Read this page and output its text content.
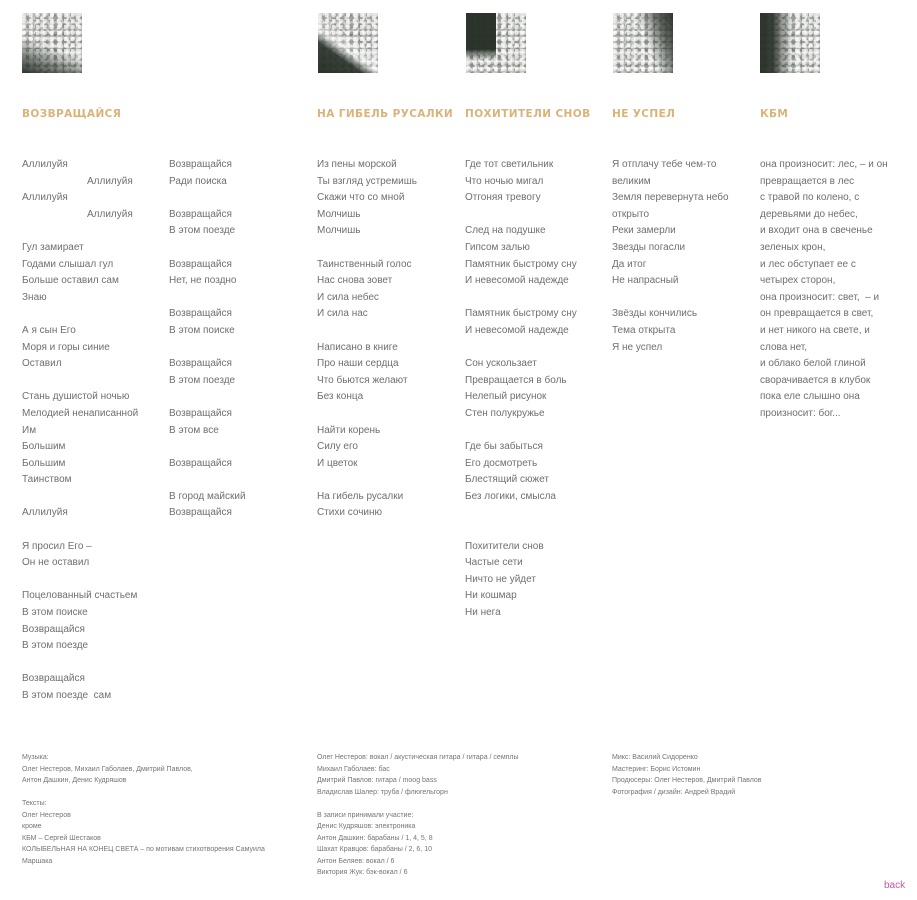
ВОЗВРАЩАЙСЯ	НА ГИБЕЛЬ РУСАЛКИ ПОХИТИТЕЛИ СНОВ НЕ УСПЕЛ	КБМ
Аллилуйя
Аллилуйя
Аллилуйя
Аллилуйя

Гул замирает
Годами слышал гул
Больше оставил сам
Знаю

А я сын Его
Моря и горы синие
Оставил

Стань душистой ночью
Мелодией ненаписанной
Им
Большим
Большим
Таинством

Аллилуйя

Я просил Его –
Он не оставил

Поцелованный счастьем
В этом поиске
Возвращайся
В этом поезде

Возвращайся
В этом поезде  сам
Возвращайся
Ради поиска

Возвращайся
В этом поезде

Возвращайся
Нет, не поздно

Возвращайся
В этом поиске

Возвращайся
В этом поезде

Возвращайся
В этом все

Возвращайся

В город майский
Возвращайся
Из пены морской
Ты взгляд устремишь
Скажи что со мной
Молчишь
Молчишь

Таинственный голос
Нас снова зовет
И сила небес
И сила нас

Написано в книге
Про наши сердца
Что бьются желают
Без конца

Найти корень
Силу его
И цветок

На гибель русалки
Стихи сочиню
Где тот светильник
Что ночью мигал
Отгоняя тревогу

След на подушке
Гипсом залью
Памятник быстрому сну
И невесомой надежде

Памятник быстрому сну
И невесомой надежде

Сон ускользает
Превращается в боль
Нелепый рисунок
Стен полукружье

Где бы забыться
Его досмотреть
Блестящий сюжет
Без логики, смысла

Похитители снов
Частые сети
Ничто не уйдет
Ни кошмар
Ни нега
Я отплачу тебе чем-то
великим
Земля перевернута небо
открыто
Реки замерли
Звезды погасли
Да итог
Не напрасный

Звёзды кончились
Тема открыта
Я не успел
она произносит: лес, – и он
превращается в лес
с травой по колено, с
деревьями до небес,
и входит она в свеченье
зеленых крон,
и лес обступает ее с
четырех сторон,
она произносит: свет,  – и
он превращается в свет,
и нет никого на свете, и
слова нет,
и облако белой глиной
сворачивается в клубок
пока еле слышно она
произносит: бог...
Музыка:
Олег Нестеров, Михаил Габолаев, Дмитрий Павлов,
Антон Дашкин, Денис Кудряшов

Тексты:
Олег Нестеров
кроме
КБМ – Сергей Шестаков
КОЛЫБЕЛЬНАЯ НА КОНЕЦ СВЕТА – по мотивам стихотворения Самуила
Маршака
Олег Нестеров: вокал / акустическая гитара / гитара / семплы
Михаил Габолаев: бас
Дмитрий Павлов: гитара / moog bass
Владислав Шалер: труба / флюгельгорн

В записи принимали участие:
Денис Кудряшов: электроника
Антон Дашкин: барабаны / 1, 4, 5, 8
Шахат Кравцов: барабаны / 2, 6, 10
Антон Беляев: вокал / 6
Виктория Жук: бэк-вокал / 6
Микс: Василий Сидоренко
Мастеринг: Борис Истомин
Продюсеры: Олег Нестеров, Дмитрий Павлов
Фотография / дизайн: Андрей Врадий
back
